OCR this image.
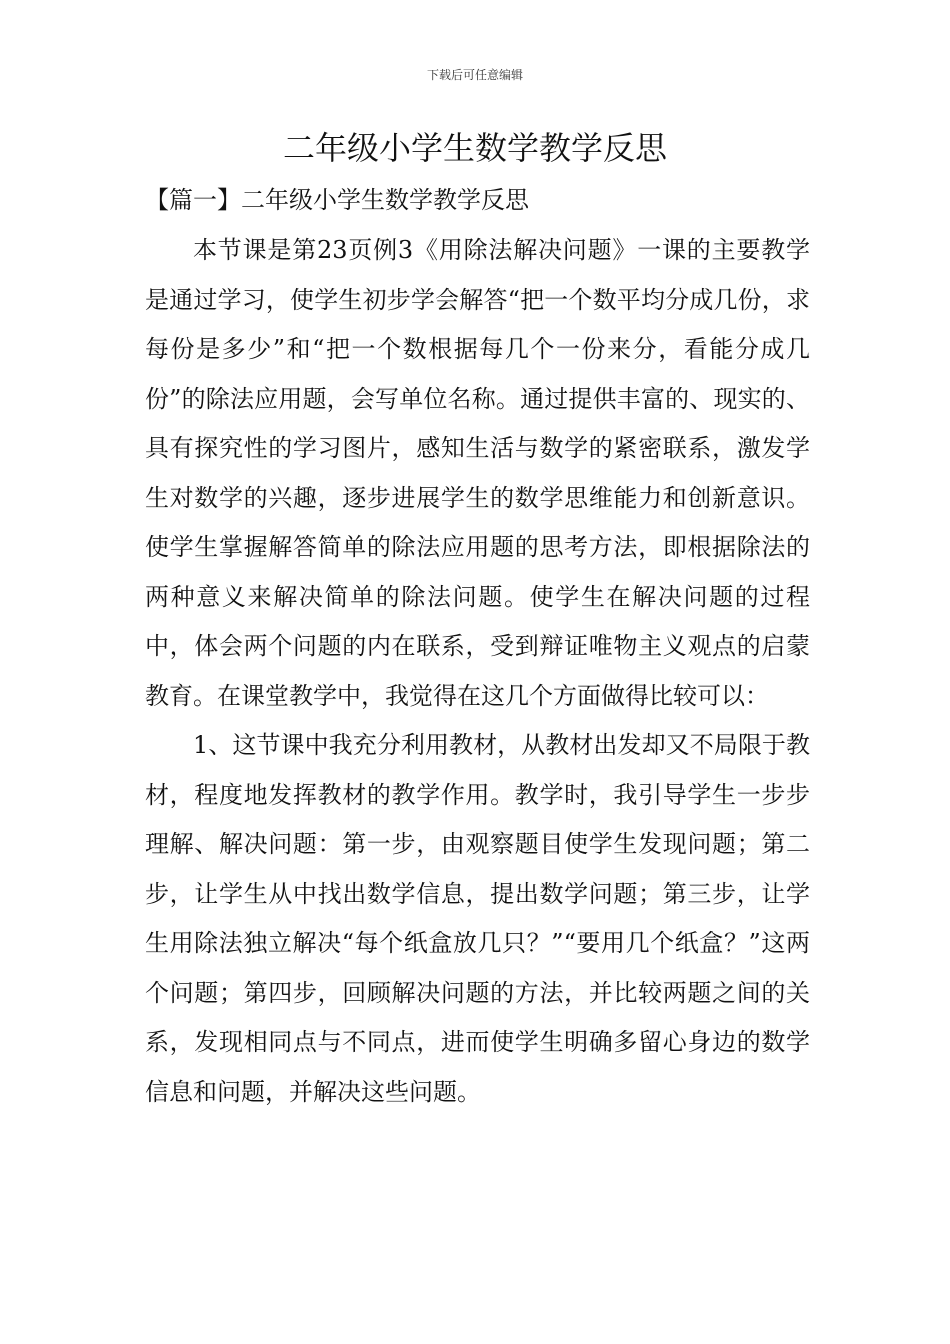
下载后可任意编辑
二年级小学生数学教学反思
【篇一】二年级小学生数学教学反思

本节课是第23页例3《用除法解决问题》一课的主要教学是通过学习，使学生初步学会解答“把一个数平均分成几份，求每份是多少”和“把一个数根据每几个一份来分，看能分成几份”的除法应用题，会写单位名称。通过提供丰富的、现实的、具有探究性的学习图片，感知生活与数学的紧密联系，激发学生对数学的兴趣，逐步进展学生的数学思维能力和创新意识。使学生掌握解答简单的除法应用题的思考方法，即根据除法的两种意义来解决简单的除法问题。使学生在解决问题的过程中，体会两个问题的内在联系，受到辩证唯物主义观点的启蒙教育。在课堂教学中，我觉得在这几个方面做得比较可以：

1、这节课中我充分利用教材，从教材出发却又不局限于教材，程度地发挥教材的教学作用。教学时，我引导学生一步步理解、解决问题：第一步，由观察题目使学生发现问题；第二步，让学生从中找出数学信息，提出数学问题；第三步，让学生用除法独立解决“每个纸盒放几只？”“要用几个纸盒？”这两个问题；第四步，回顾解决问题的方法，并比较两题之间的关系，发现相同点与不同点，进而使学生明确多留心身边的数学信息和问题，并解决这些问题。
